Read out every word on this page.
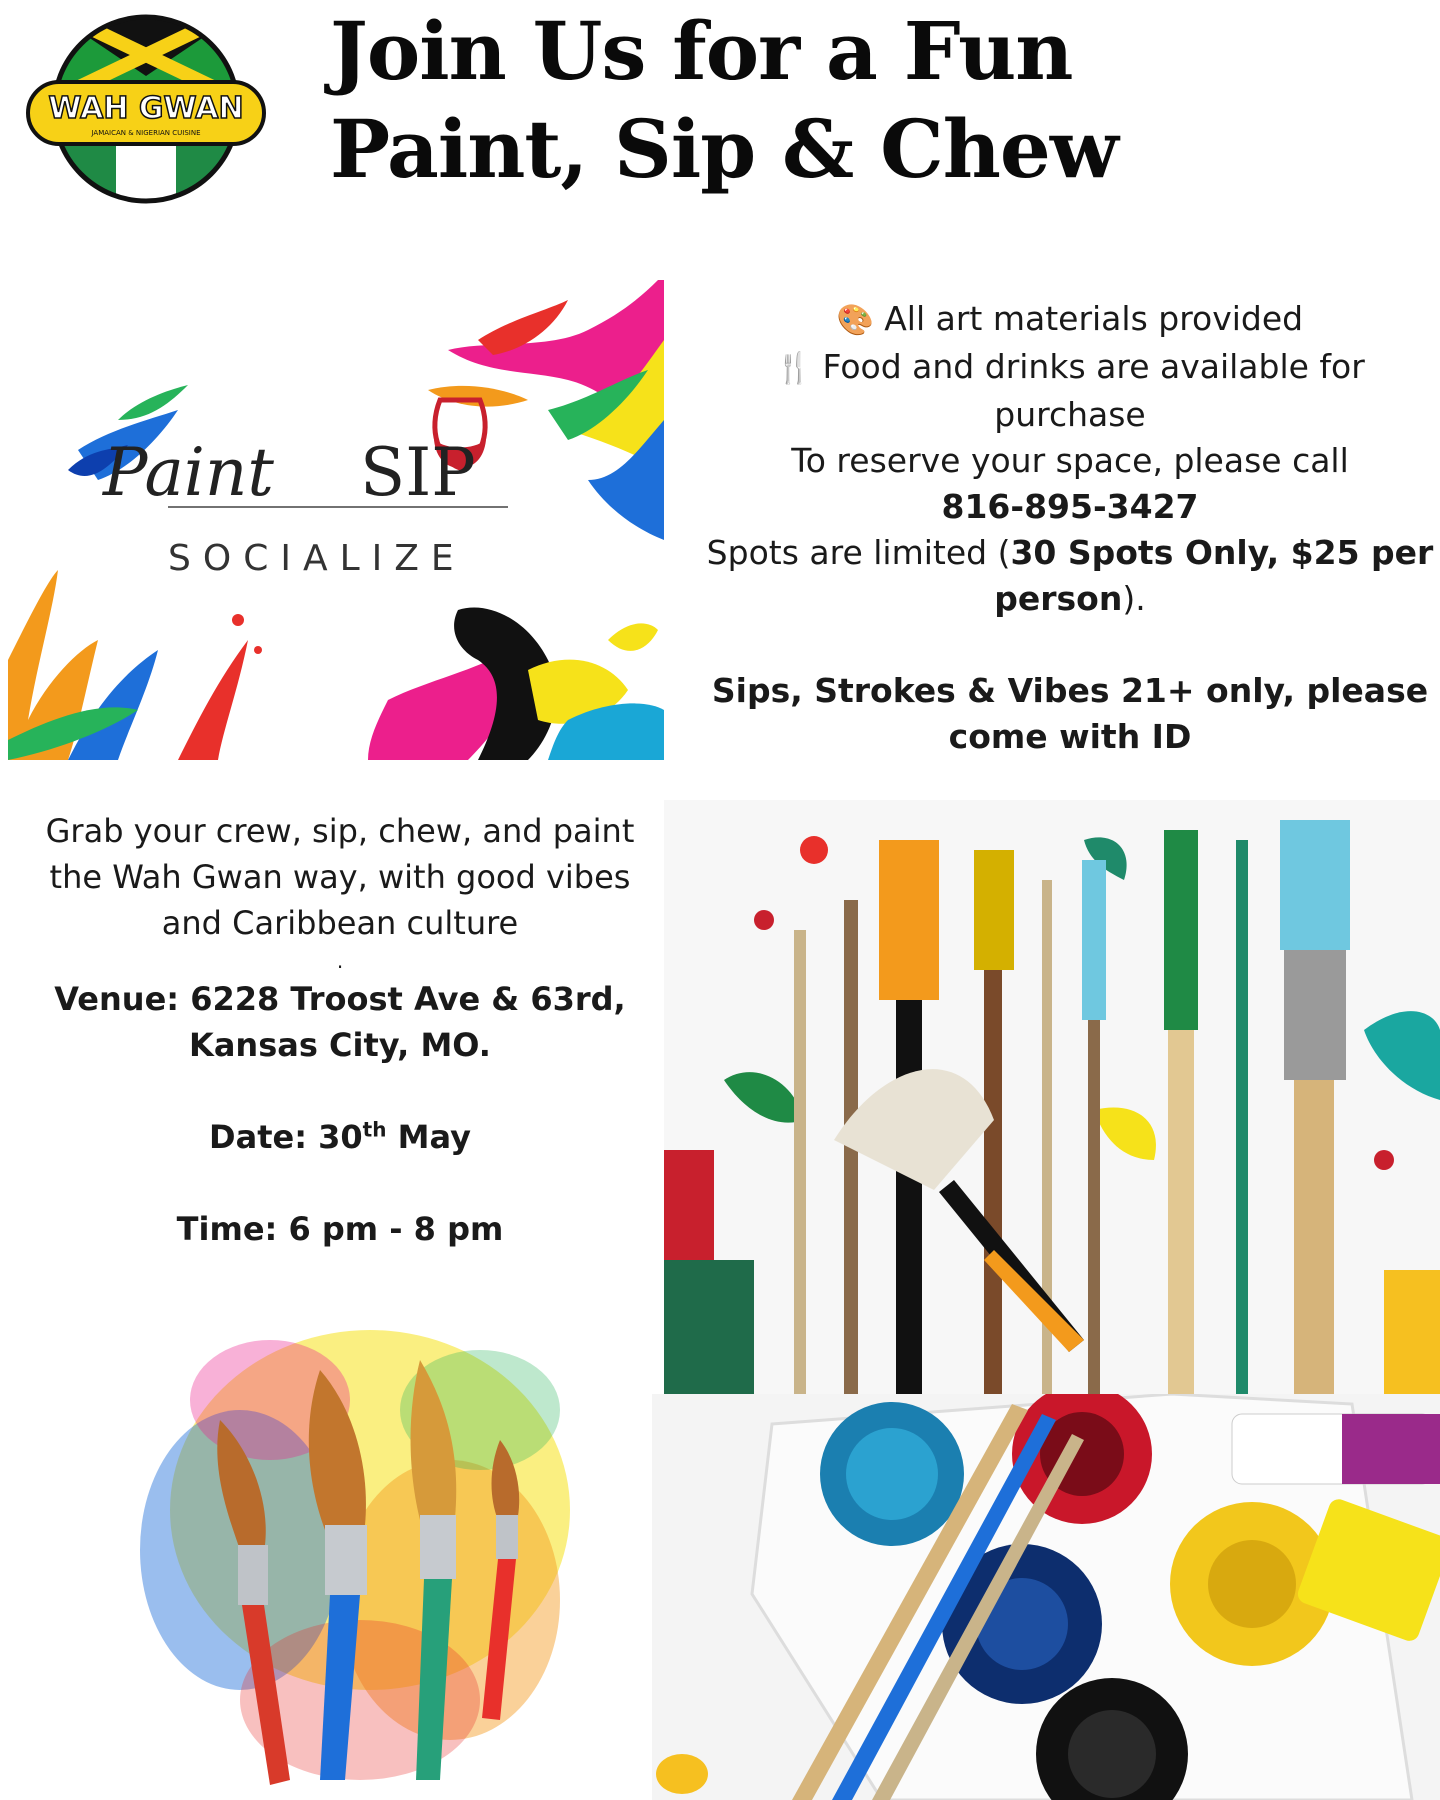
WAH GWAN
JAMAICAN & NIGERIAN CUISINE
Join Us for a Fun
Paint, Sip & Chew
Paint SIP
SOCIALIZE

🎨 All art materials provided

🍴 Food and drinks are available for purchase

To reserve your space, please call

816-895-3427

Spots are limited (30 Spots Only, $25 per person).

Sips, Strokes & Vibes 21+ only, please come with ID

Grab your crew, sip, chew, and paint the Wah Gwan way, with good vibes and Caribbean culture

.

Venue: 6228 Troost Ave & 63rd,

Kansas City, MO.

Date: 30th May

Time: 6 pm - 8 pm
